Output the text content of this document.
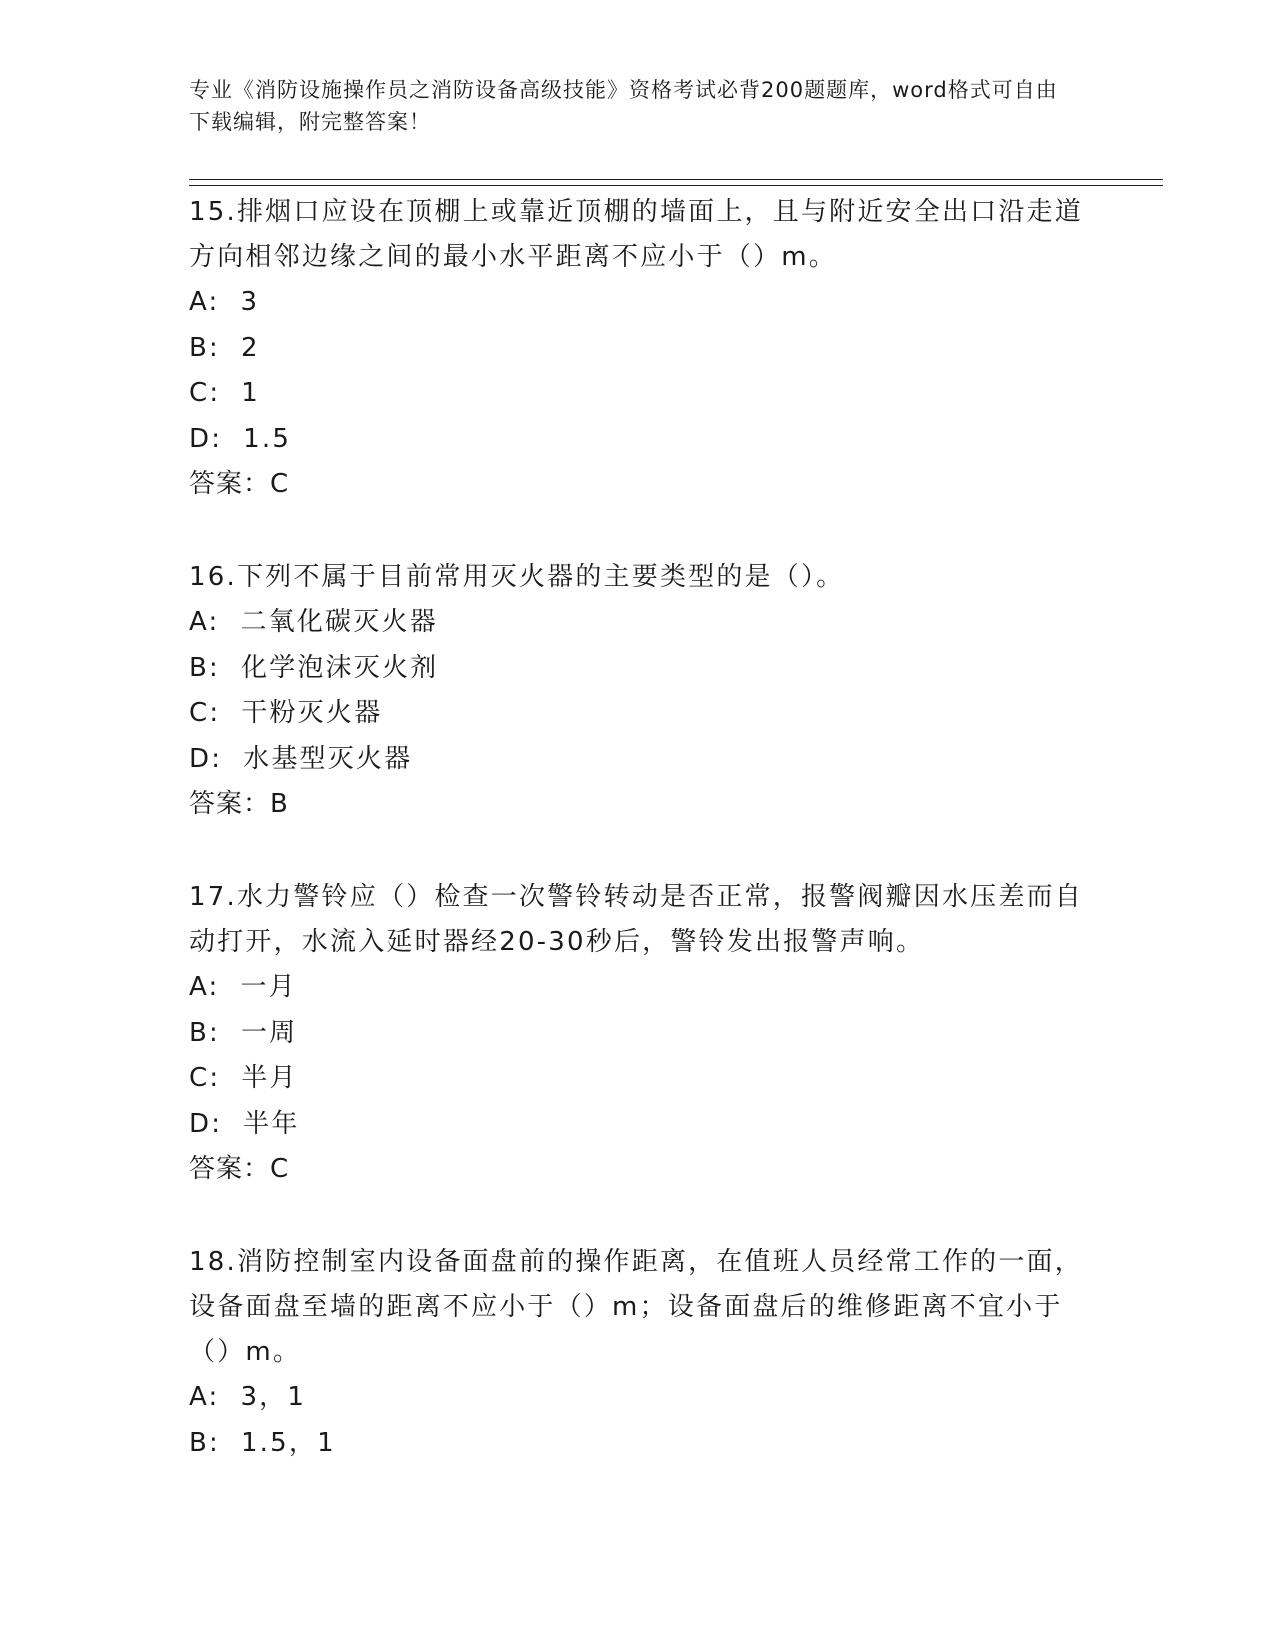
专业《消防设施操作员之消防设备高级技能》资格考试必背200题题库，word格式可自由下载编辑，附完整答案！

15.排烟口应设在顶棚上或靠近顶棚的墙面上，且与附近安全出口沿走道方向相邻边缘之间的最小水平距离不应小于（）m。

A:
3

B:
2

C:
1

D:
1.5

答案：C

16.下列不属于目前常用灭火器的主要类型的是（）。

A:
二氧化碳灭火器

B:
化学泡沫灭火剂

C:
干粉灭火器

D:
水基型灭火器

答案：B

17.水力警铃应（）检查一次警铃转动是否正常，报警阀瓣因水压差而自动打开，水流入延时器经20-30秒后，警铃发出报警声响。

A:
一月

B:
一周

C:
半月

D:
半年

答案：C

18.消防控制室内设备面盘前的操作距离，在值班人员经常工作的一面，设备面盘至墙的距离不应小于（）m；设备面盘后的维修距离不宜小于（）m。

A:
3，1

B:
1.5，1
